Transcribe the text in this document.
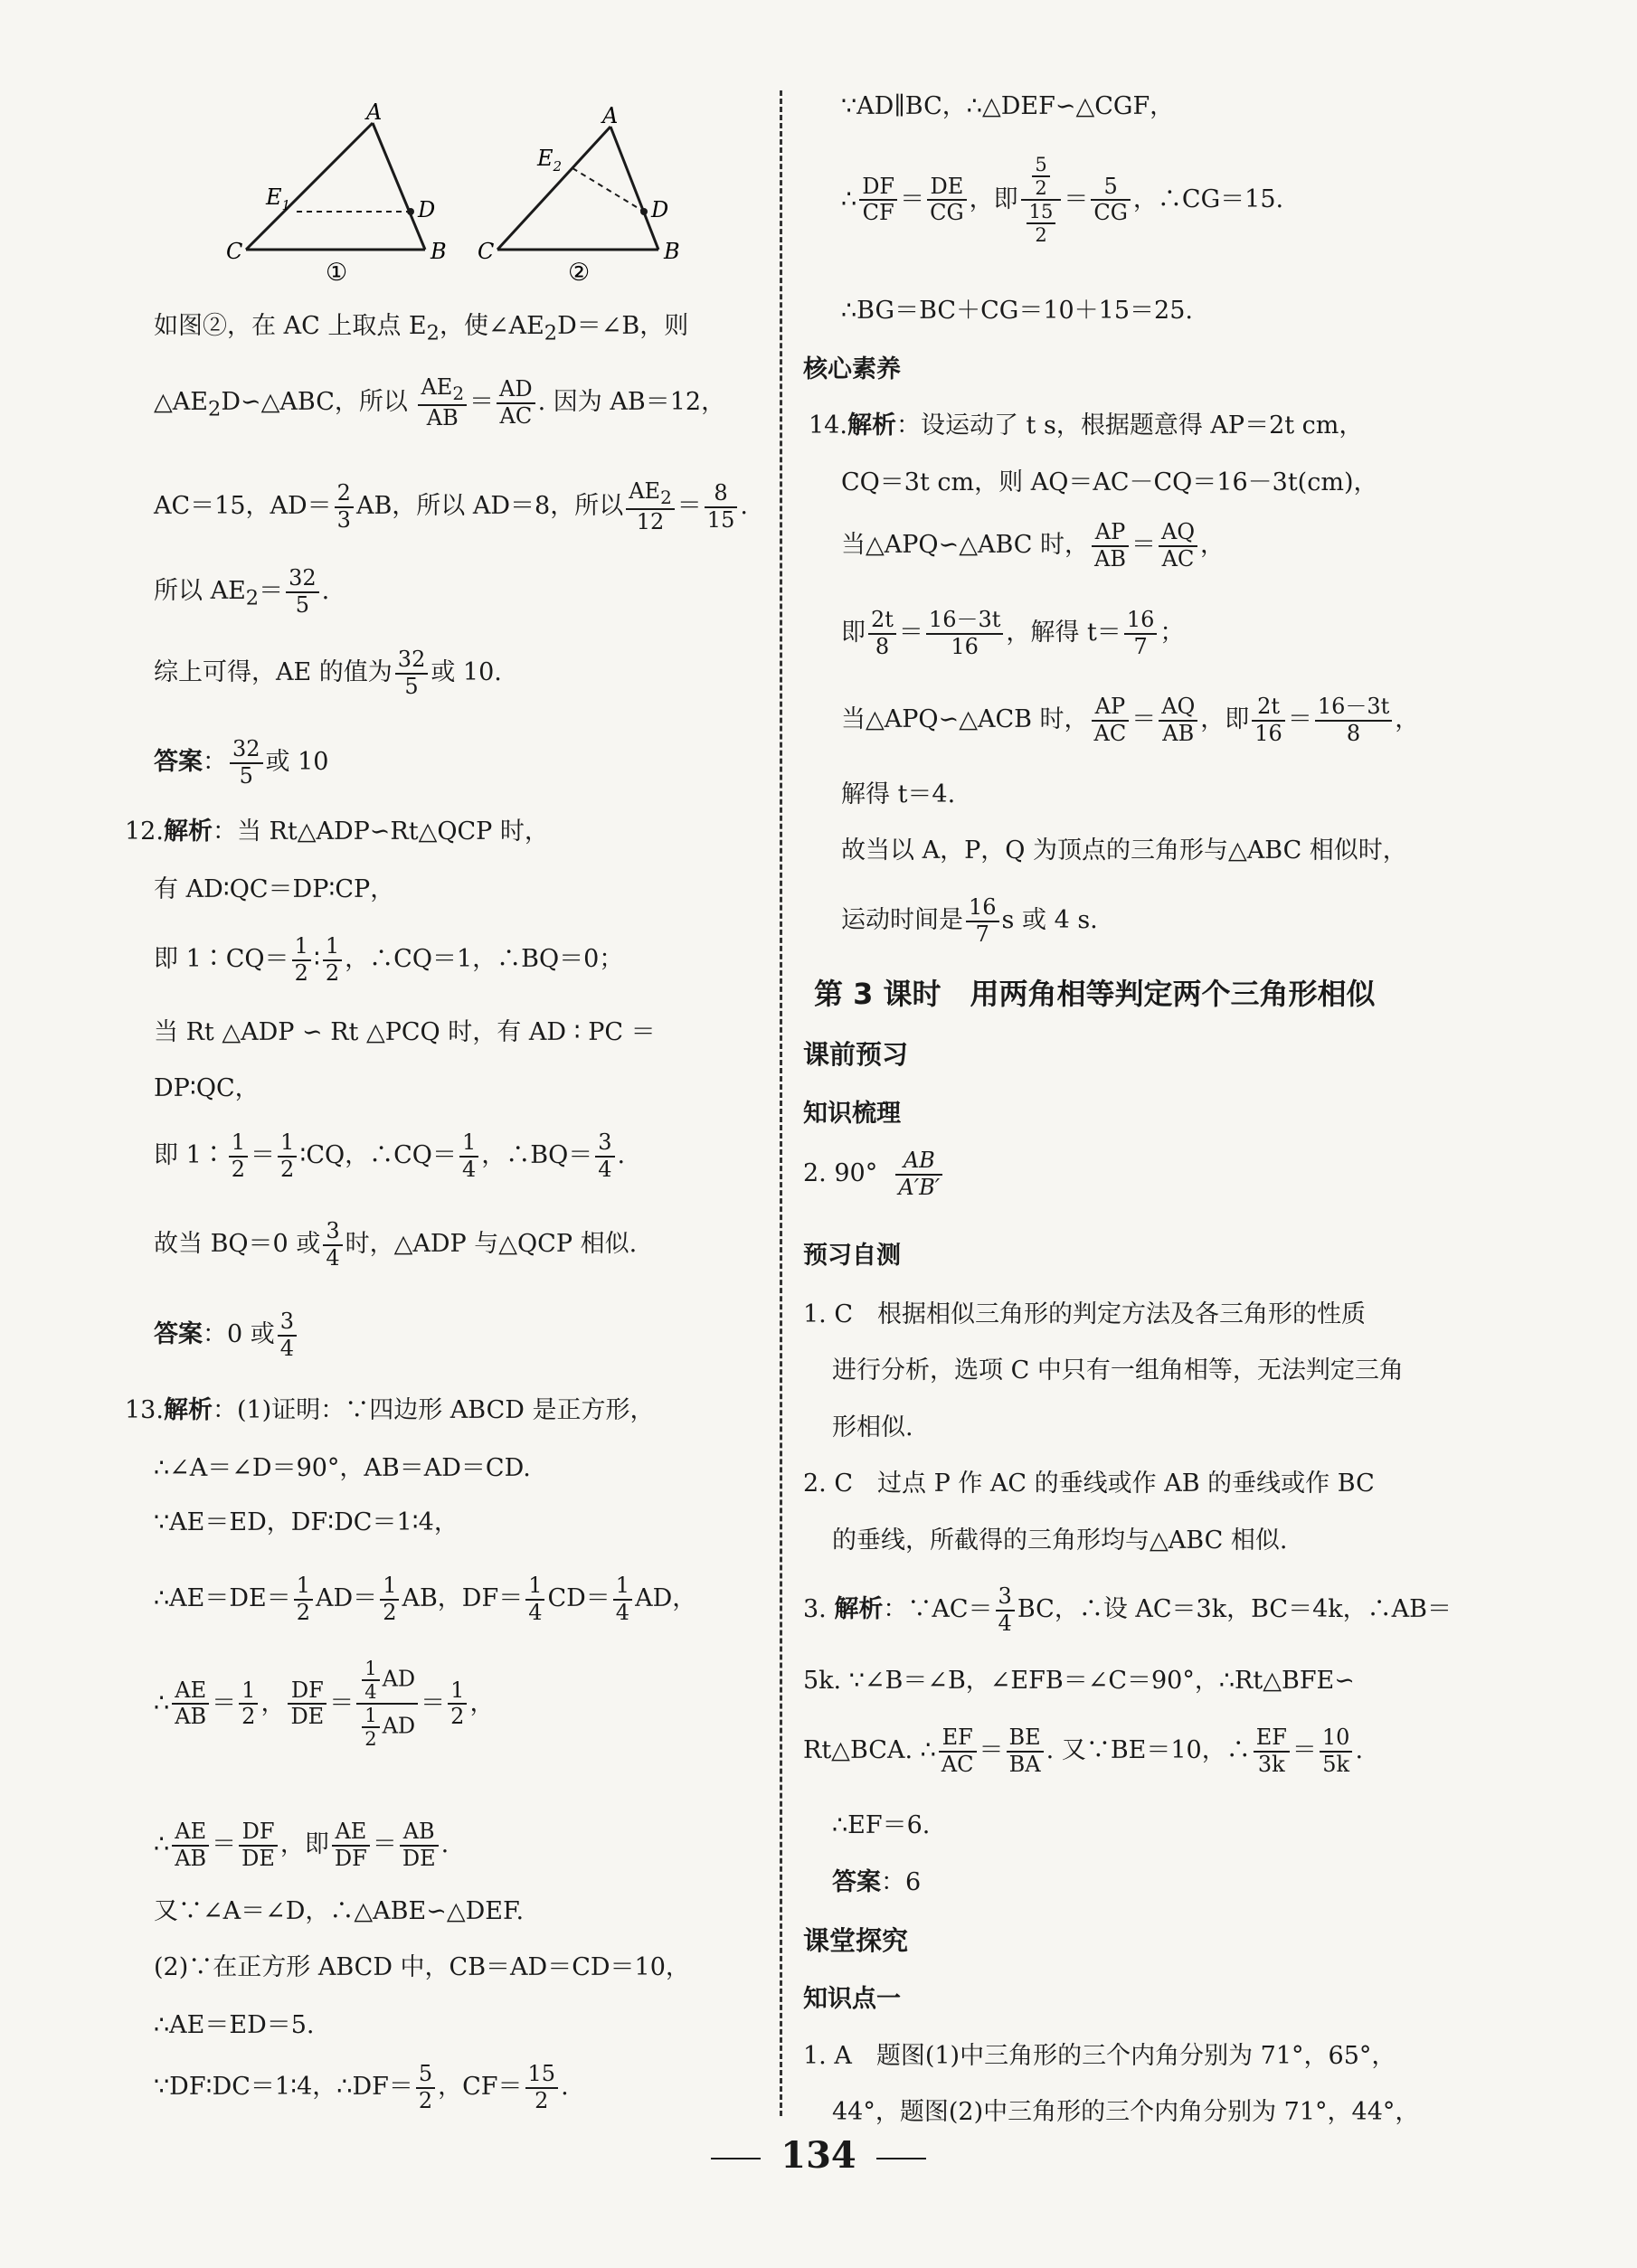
A
$E_1$	D
C	B
①
A
$E_2$
D
C	B
②
如图②，在 AC 上取点 $E_2$，使$\angle AE_2D=\angle B$，则
$\triangle AE_2D∽\triangle ABC$，所以 $\frac{AE_2}{AB} = \frac{AD}{AC}$ . 因为 AB＝12，
AC＝15，$AD= \frac{2}{3}$ AB，所以 AD＝8，所以 $\frac{AE_2}{12} = \frac{8}{15}$ .
所以 $AE_2= \frac{32}{5}$ .
综上可得，AE 的值为 $\frac{32}{5}$ 或 10.
答案： $\frac{32}{5}$ 或 10
12.解析：当 Rt△ADP∽Rt△QCP 时，
有 AD∶QC＝DP∶CP，
即 1∶CQ＝ $\frac{1}{2}$ ∶ $\frac{1}{2}$ ，∴CQ＝1，∴BQ＝0；
当 Rt △ADP ∽ Rt △PCQ 时，有 AD ∶ PC ＝
DP∶QC，
即 1∶ $\frac{1}{2} = \frac{1}{2}$ ∶CQ，∴CQ＝ $\frac{1}{4}$ ，∴BQ＝ $\frac{3}{4}$ .
故当 BQ＝0 或 $\frac{3}{4}$ 时，△ADP 与△QCP 相似.
答案：0 或 $\frac{3}{4}$
13.解析：(1)证明：∵四边形 ABCD 是正方形，
∴∠A＝∠D＝90°，AB＝AD＝CD.
∵AE＝ED，DF∶DC＝1∶4，
∴AE＝DE＝ $\frac{1}{2} AD= \frac{1}{2}$ AB，$DF= \frac{1}{4} CD= \frac{1}{4}$ AD，
∴ $\frac{AE}{AB} = \frac{1}{2}$ ， $\frac{DF}{DE} = \frac{\frac{1}{4} AD}{\frac{1}{2} AD} = \frac{1}{2}$ ，
∴ $\frac{AE}{AB} = \frac{DF}{DE}$ ，即 $\frac{AE}{DF} = \frac{AB}{DE}$ .
又∵∠A＝∠D，∴△ABE∽△DEF.
(2)∵在正方形 ABCD 中，CB＝AD＝CD＝10，
∴AE＝ED＝5.
∵DF∶DC＝1∶4，∴DF＝ $\frac{5}{2}$ ，$CF= \frac{15}{2}$ .
∵AD∥BC，∴△DEF∽△CGF，
∴ $\frac{DF}{CF} = \frac{DE}{CG}$ ，即 $\frac{\frac{5}{2}}{\frac{15}{2}} = \frac{5}{CG}$ ，∴CG＝15.
∴BG＝BC＋CG＝10＋15＝25.
核心素养
14.解析：设运动了 t s，根据题意得 AP＝2t cm，
CQ＝3t cm，则 AQ＝AC－CQ＝16－3t(cm)，
当△APQ∽△ABC 时， $\frac{AP}{AB} = \frac{AQ}{AC}$ ，
即 $\frac{2t}{8} = \frac{16-3t}{16}$ ，解得 $t= \frac{16}{7}$ ；
当△APQ∽△ACB 时， $\frac{AP}{AC} = \frac{AQ}{AB}$ ，即 $\frac{2t}{16} = \frac{16-3t}{8}$ ，
解得 t＝4.
故当以 A，P，Q 为顶点的三角形与△ABC 相似时，
运动时间是 $\frac{16}{7}$ s 或 4 s.
第 3 课时　用两角相等判定两个三角形相似
课前预习
知识梳理
2. $90^\circ \frac{AB}{A'B'}$
预习自测
1. C　根据相似三角形的判定方法及各三角形的性质
进行分析，选项 C 中只有一组角相等，无法判定三角
形相似.
2. C　过点 P 作 AC 的垂线或作 AB 的垂线或作 BC
的垂线，所截得的三角形均与△ABC 相似.
3. 解析：∵AC＝ $\frac{3}{4}$ BC，∴设 AC＝3k，BC＝4k，∴AB＝
5k. ∵∠B＝∠B，∠EFB＝∠C＝90°，∴Rt△BFE∽
Rt△BCA. ∴ $\frac{EF}{AC} = \frac{BE}{BA}$ . 又∵BE＝10，∴ $\frac{EF}{3k} = \frac{10}{5k}$ .
∴EF＝6.
答案：6
课堂探究
知识点一
1. A　题图(1)中三角形的三个内角分别为 71°，65°，
44°，题图(2)中三角形的三个内角分别为 71°，44°，
134
